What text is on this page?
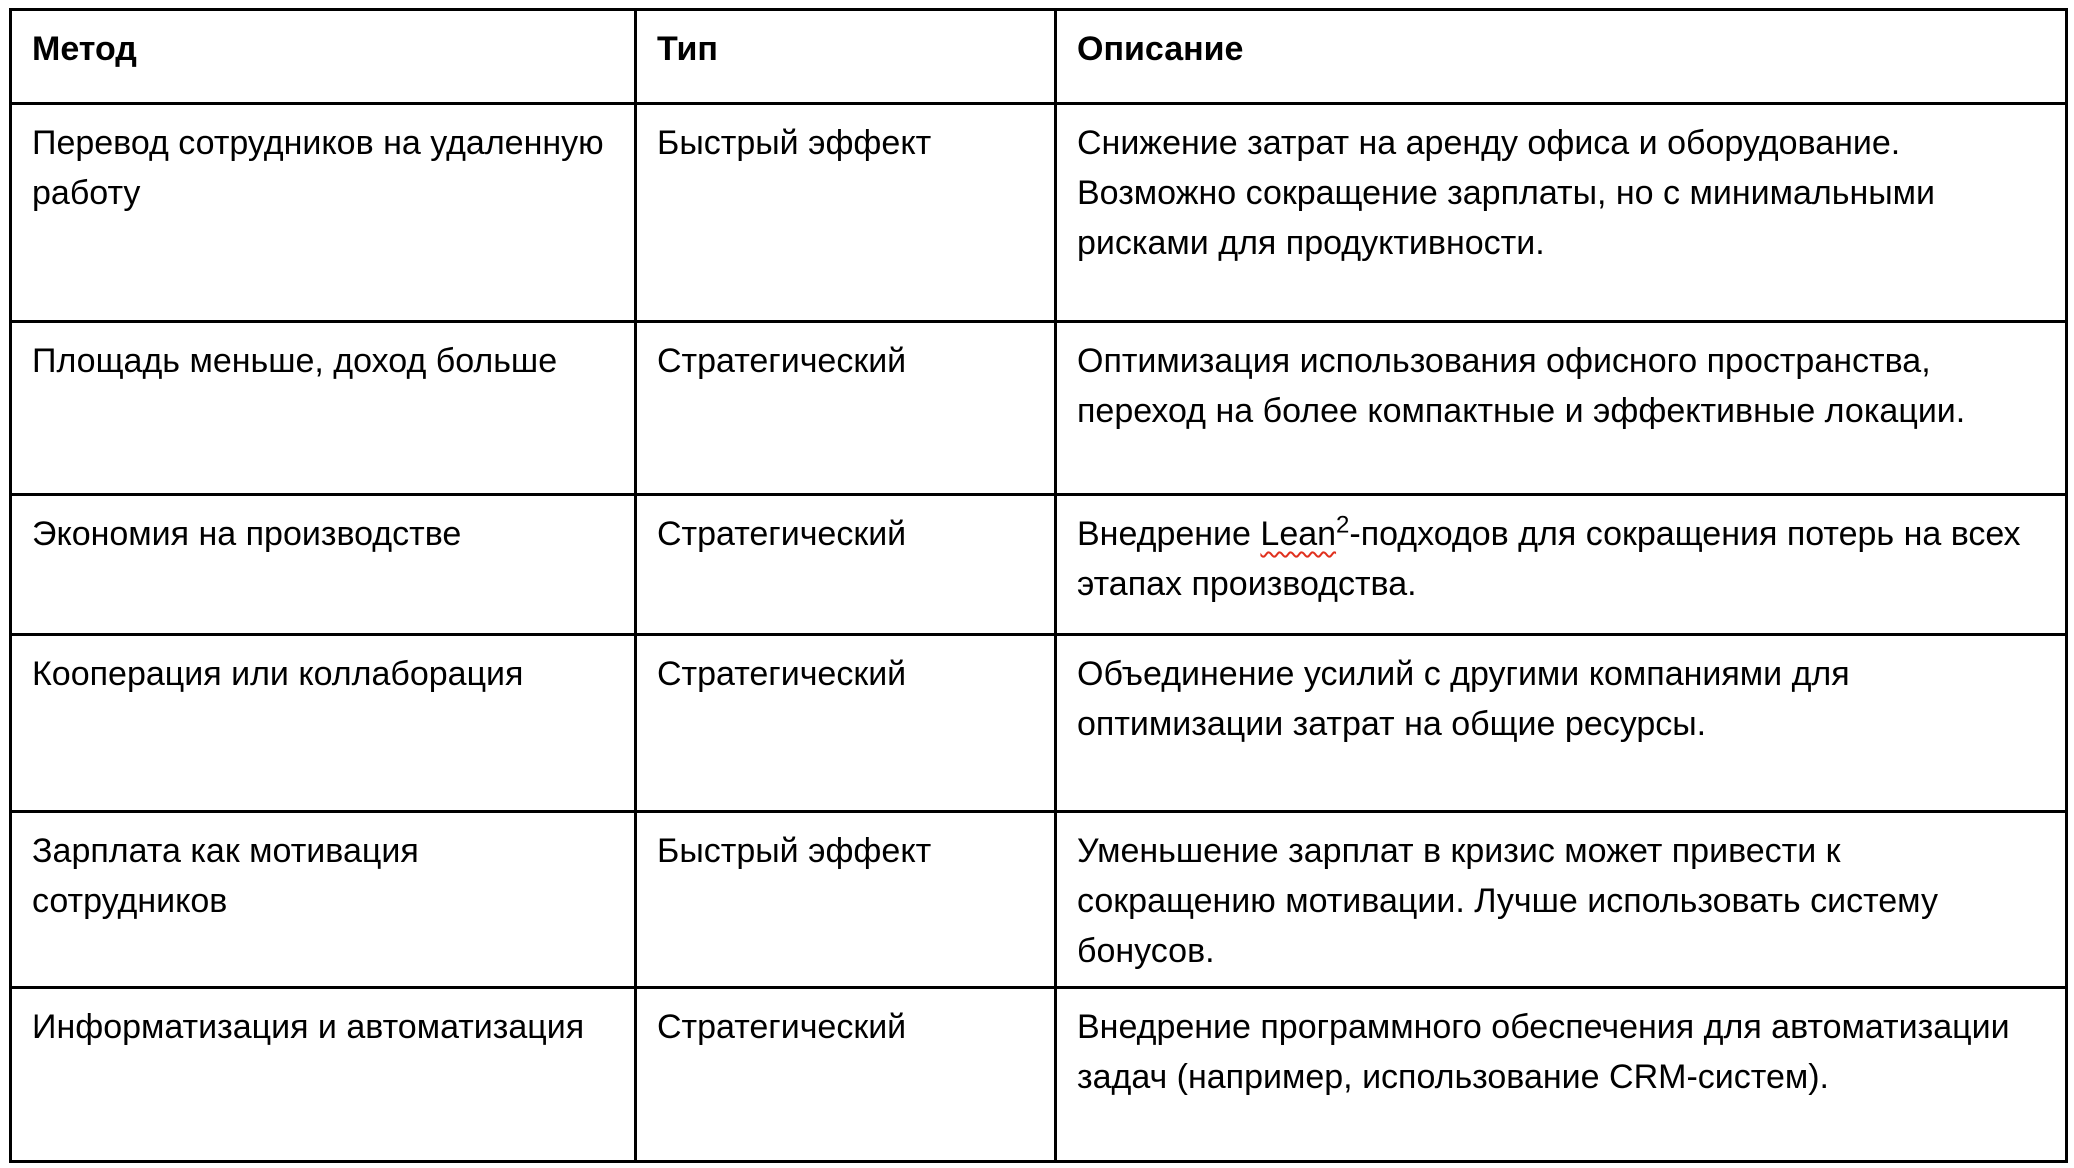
Метод	Тип	Описание
Перевод сотрудников на удаленную работу	Быстрый эффект	Снижение затрат на аренду офиса и оборудование. Возможно сокращение зарплаты, но с минимальными рисками для продуктивности.
Площадь меньше, доход больше	Стратегический	Оптимизация использования офисного пространства, переход на более компактные и эффективные локации.
Экономия на производстве	Стратегический	Внедрение Lean$^2$-подходов для сокращения потерь на всех этапах производства.
Кооперация или коллаборация	Стратегический	Объединение усилий с другими компаниями для оптимизации затрат на общие ресурсы.
Зарплата как мотивация сотрудников	Быстрый эффект	Уменьшение зарплат в кризис может привести к сокращению мотивации. Лучше использовать систему бонусов.
Информатизация и автоматизация	Стратегический	Внедрение программного обеспечения для автоматизации задач (например, использование CRM-систем).
